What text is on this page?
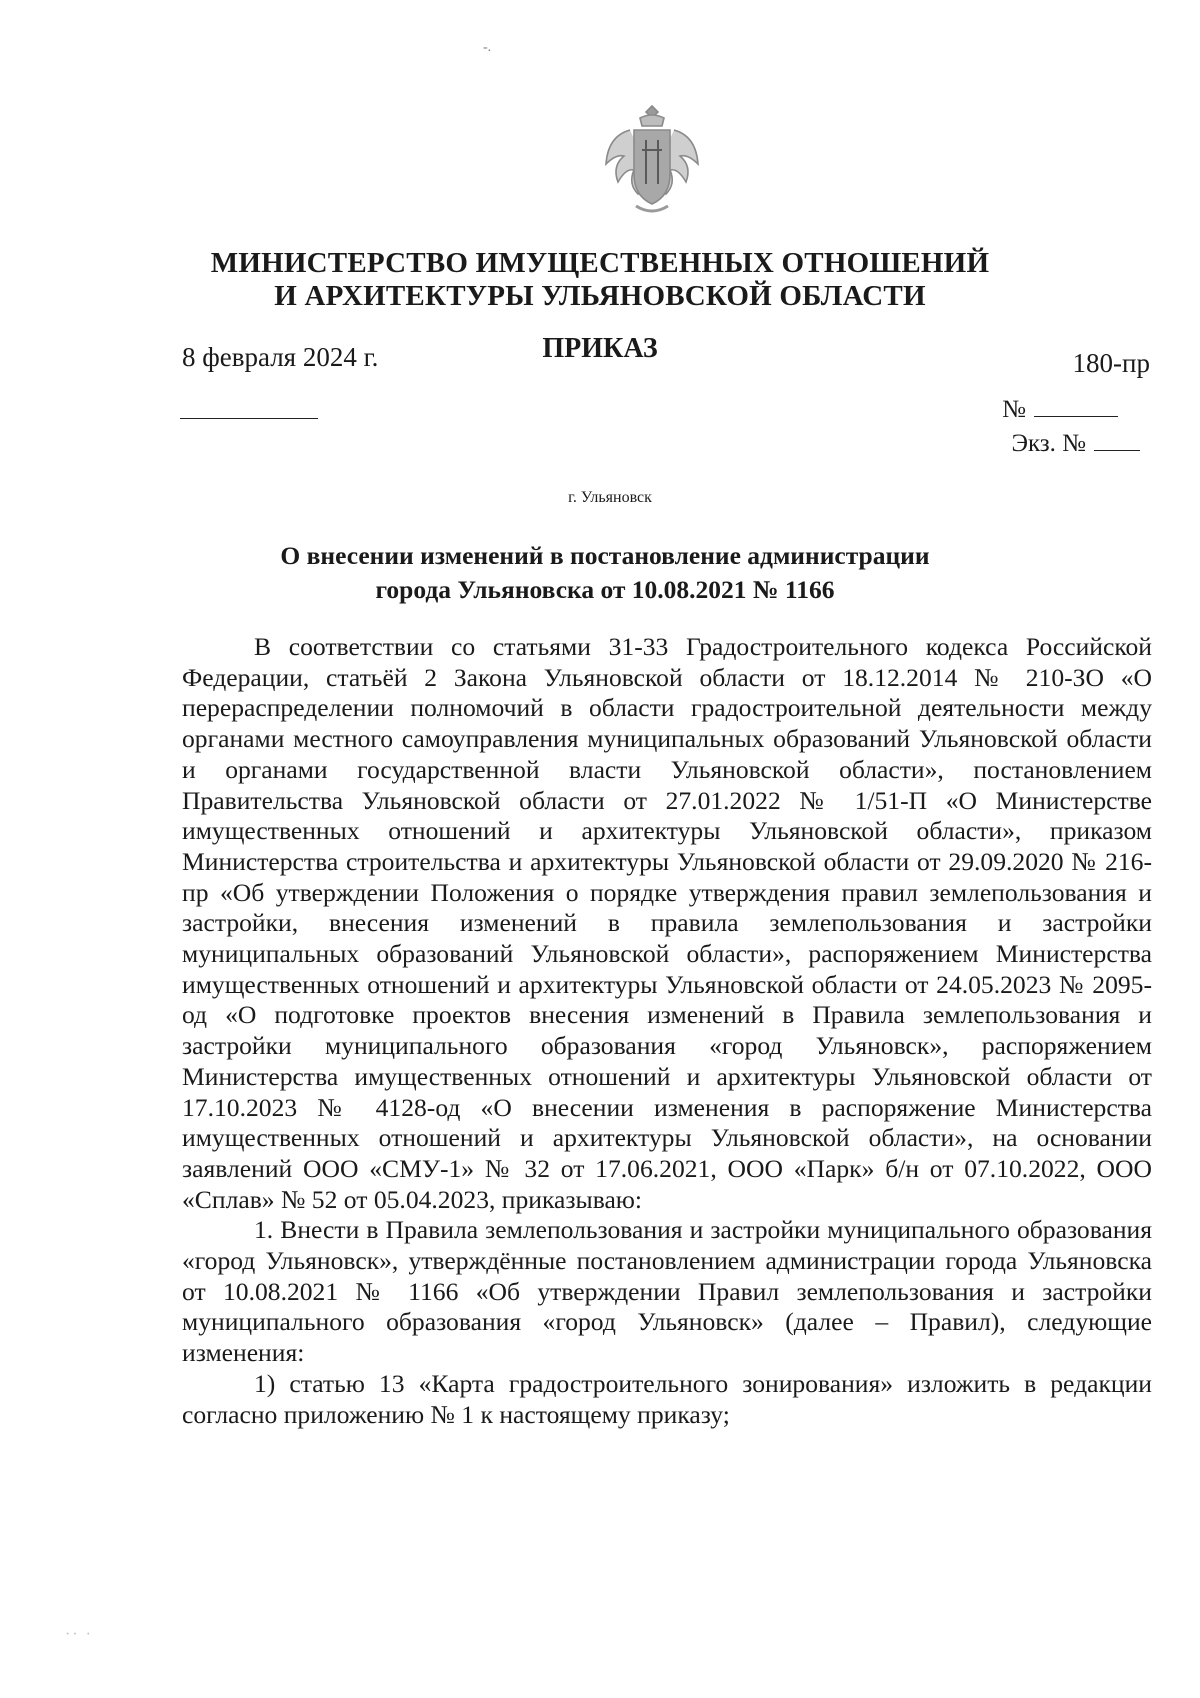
-.
МИНИСТЕРСТВО ИМУЩЕСТВЕННЫХ ОТНОШЕНИЙ
И АРХИТЕКТУРЫ УЛЬЯНОВСКОЙ ОБЛАСТИ
ПРИКАЗ
8 февраля 2024 г.	180-пр
№
Экз. №
г. Ульяновск
О внесении изменений в постановление администрации
города Ульяновска от 10.08.2021 № 1166

В соответствии со статьями 31-33 Градостроительного кодекса Российской Федерации, статьёй 2 Закона Ульяновской области от 18.12.2014 № 210-ЗО «О перераспределении полномочий в области градостроительной деятельности между органами местного самоуправления муниципальных образований Ульяновской области и органами государственной власти Ульяновской области», постановлением Правительства Ульяновской области от 27.01.2022 № 1/51-П «О Министерстве имущественных отношений и архитектуры Ульяновской области», приказом Министерства строительства и архитектуры Ульяновской области от 29.09.2020 № 216-пр «Об утверждении Положения о порядке утверждения правил землепользования и застройки, внесения изменений в правила землепользования и застройки муниципальных образований Ульяновской области», распоряжением Министерства имущественных отношений и архитектуры Ульяновской области от 24.05.2023 № 2095-од «О подготовке проектов внесения изменений в Правила землепользования и застройки муниципального образования «город Ульяновск», распоряжением Министерства имущественных отношений и архитектуры Ульяновской области от 17.10.2023 № 4128-од «О внесении изменения в распоряжение Министерства имущественных отношений и архитектуры Ульяновской области», на основании заявлений ООО «СМУ-1» № 32 от 17.06.2021, ООО «Парк» б/н от 07.10.2022, ООО «Сплав» № 52 от 05.04.2023, приказываю:

1. Внести в Правила землепользования и застройки муниципального образования «город Ульяновск», утверждённые постановлением администрации города Ульяновска от 10.08.2021 № 1166 «Об утверждении Правил землепользования и застройки муниципального образования «город Ульяновск» (далее – Правил), следующие изменения:

1) статью 13 «Карта градостроительного зонирования» изложить в редакции согласно приложению № 1 к настоящему приказу;

·· ·
